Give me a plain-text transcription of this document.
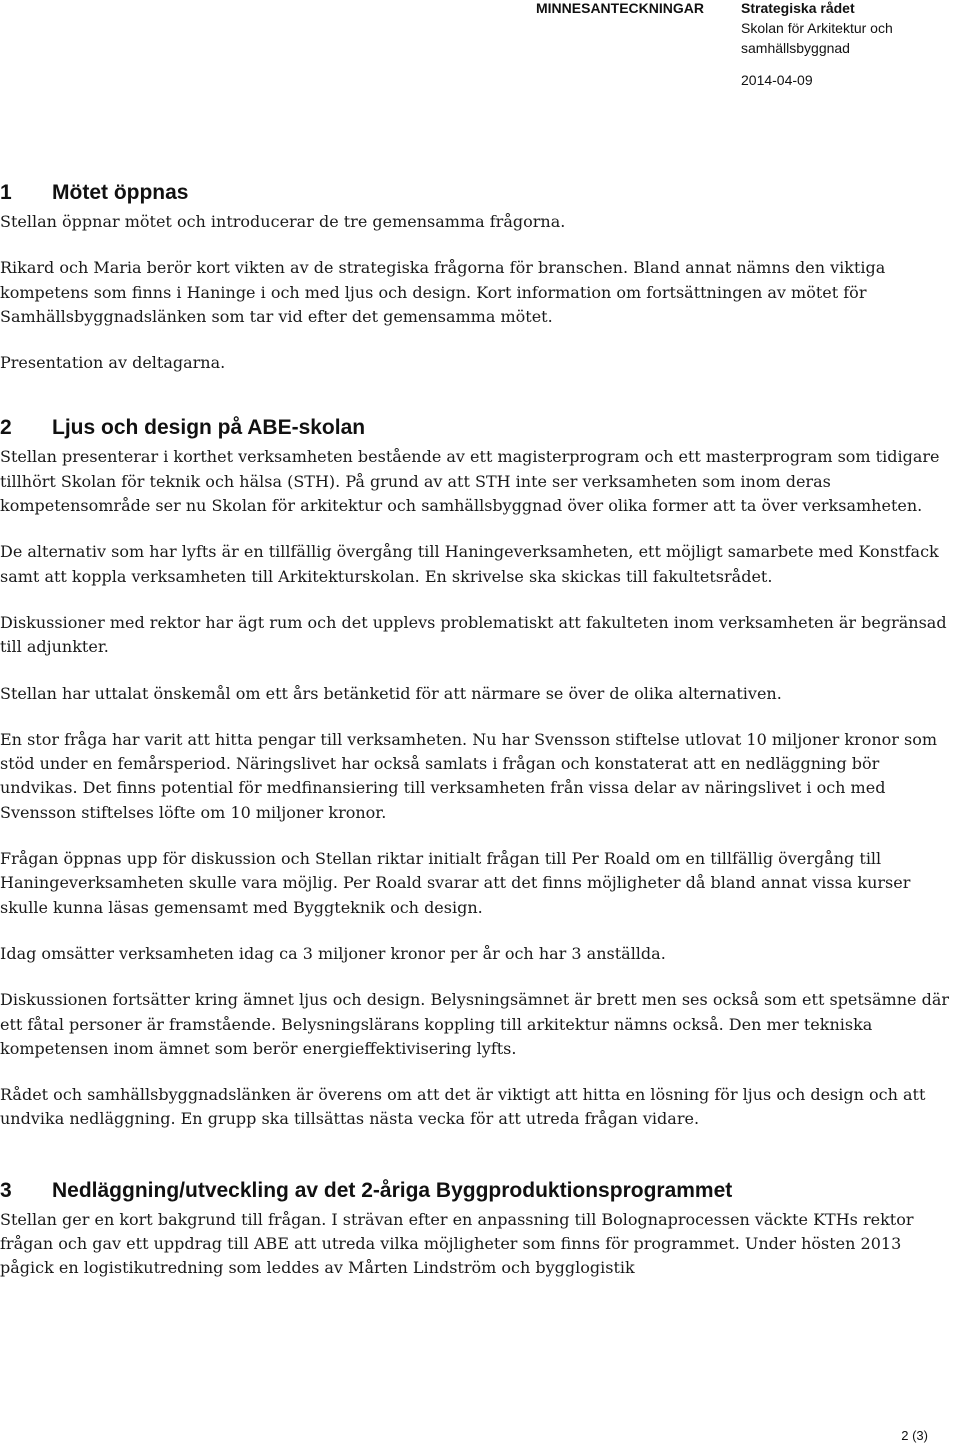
MINNESANTECKNINGAR	Strategiska rådet
Skolan för Arkitektur och
samhällsbyggnad
2014-04-09
1 Mötet öppnas

Stellan öppnar mötet och introducerar de tre gemensamma frågorna.

Rikard och Maria berör kort vikten av de strategiska frågorna för branschen. Bland annat nämns den viktiga kompetens som finns i Haninge i och med ljus och design. Kort information om fortsättningen av mötet för Samhällsbyggnadslänken som tar vid efter det gemensamma mötet.

Presentation av deltagarna.

2 Ljus och design på ABE-skolan

Stellan presenterar i korthet verksamheten bestående av ett magisterprogram och ett masterprogram som tidigare tillhört Skolan för teknik och hälsa (STH). På grund av att STH inte ser verksamheten som inom deras kompetensområde ser nu Skolan för arkitektur och samhällsbyggnad över olika former att ta över verksamheten.

De alternativ som har lyfts är en tillfällig övergång till Haningeverksamheten, ett möjligt samarbete med Konstfack samt att koppla verksamheten till Arkitekturskolan. En skrivelse ska skickas till fakultetsrådet.

Diskussioner med rektor har ägt rum och det upplevs problematiskt att fakulteten inom verksamheten är begränsad till adjunkter.

Stellan har uttalat önskemål om ett års betänketid för att närmare se över de olika alternativen.

En stor fråga har varit att hitta pengar till verksamheten. Nu har Svensson stiftelse utlovat 10 miljoner kronor som stöd under en femårsperiod. Näringslivet har också samlats i frågan och konstaterat att en nedläggning bör undvikas. Det finns potential för medfinansiering till verksamheten från vissa delar av näringslivet i och med Svensson stiftelses löfte om 10 miljoner kronor.

Frågan öppnas upp för diskussion och Stellan riktar initialt frågan till Per Roald om en tillfällig övergång till Haningeverksamheten skulle vara möjlig. Per Roald svarar att det finns möjligheter då bland annat vissa kurser skulle kunna läsas gemensamt med Byggteknik och design.

Idag omsätter verksamheten idag ca 3 miljoner kronor per år och har 3 anställda.

Diskussionen fortsätter kring ämnet ljus och design. Belysningsämnet är brett men ses också som ett spetsämne där ett fåtal personer är framstående. Belysningslärans koppling till arkitektur nämns också. Den mer tekniska kompetensen inom ämnet som berör energieffektivisering lyfts.

Rådet och samhällsbyggnadslänken är överens om att det är viktigt att hitta en lösning för ljus och design och att undvika nedläggning. En grupp ska tillsättas nästa vecka för att utreda frågan vidare.

3 Nedläggning/utveckling av det 2-åriga Byggproduktionsprogrammet

Stellan ger en kort bakgrund till frågan. I strävan efter en anpassning till Bolognaprocessen väckte KTHs rektor frågan och gav ett uppdrag till ABE att utreda vilka möjligheter som finns för programmet. Under hösten 2013 pågick en logistikutredning som leddes av Mårten Lindström och bygglogistik

2 (3)
